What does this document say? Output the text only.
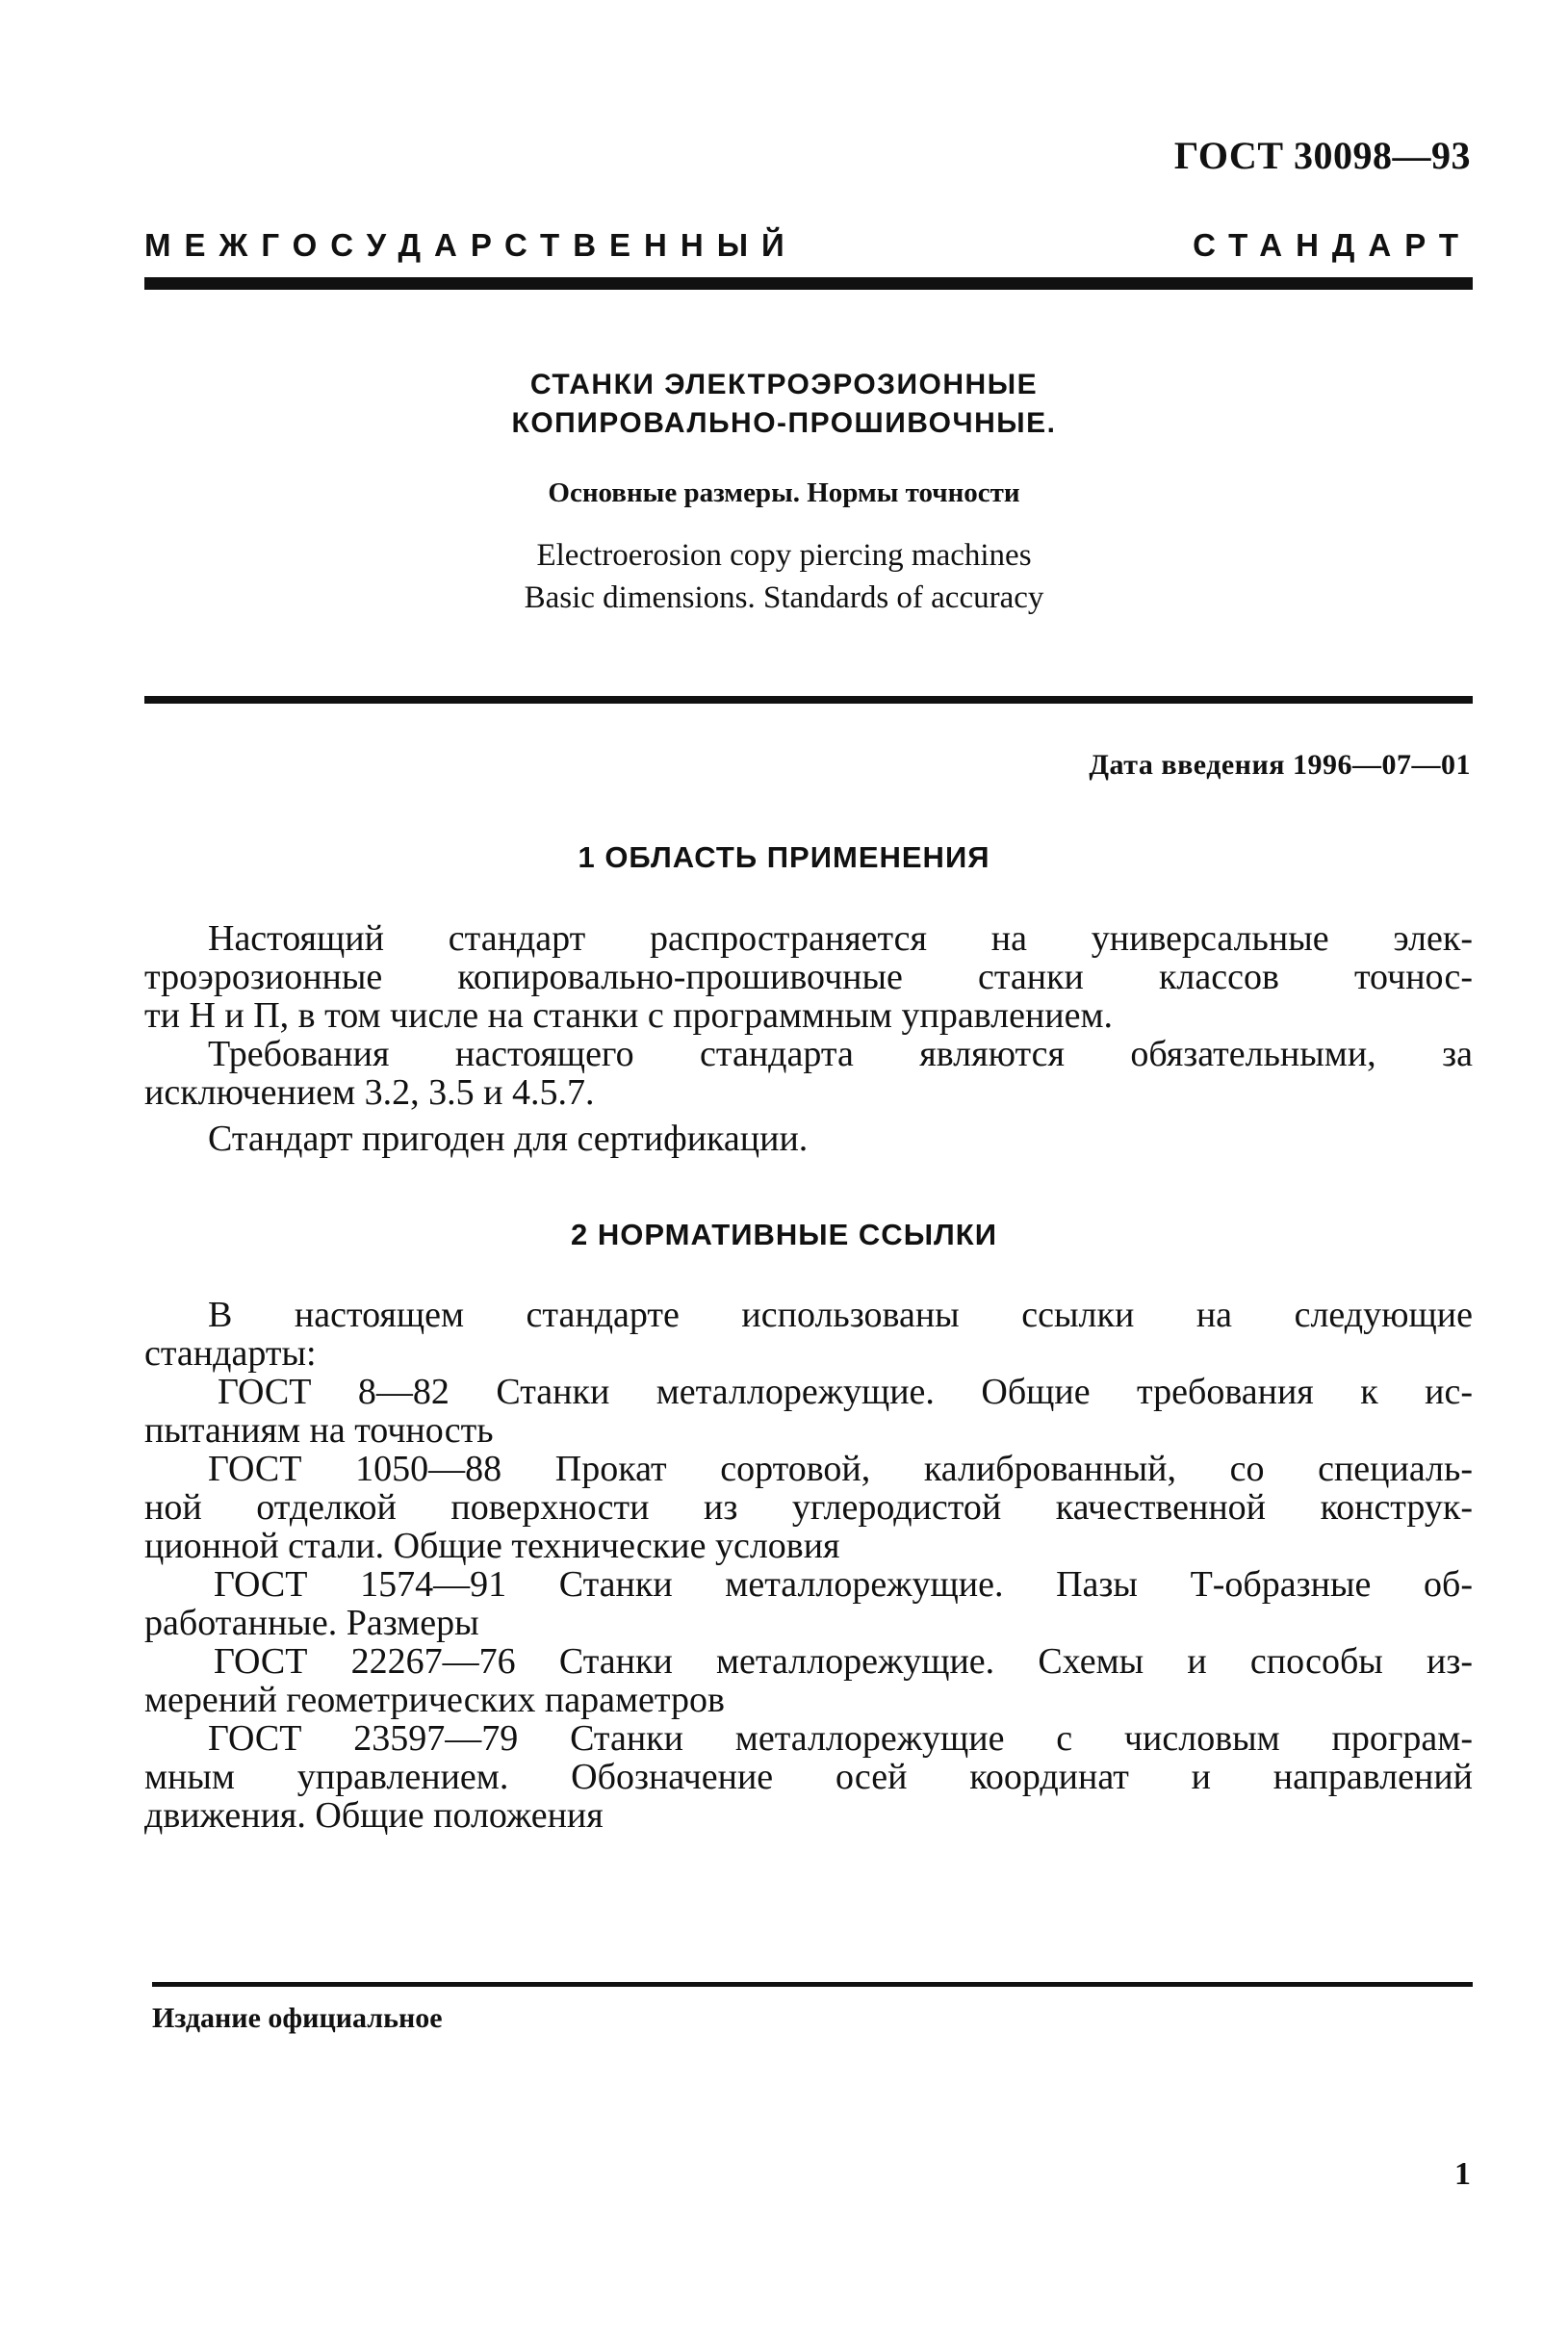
ГОСТ 30098—93
МЕЖГОСУДАРСТВЕННЫЙ	СТАНДАРТ
СТАНКИ ЭЛЕКТРОЭРОЗИОННЫЕ
КОПИРОВАЛЬНО-ПРОШИВОЧНЫЕ.
Основные размеры. Нормы точности
Electroerosion copy piercing machines
Basic dimensions. Standards of accuracy
Дата введения 1996—07—01
1 ОБЛАСТЬ ПРИМЕНЕНИЯ
Настоящий стандарт распространяется на универсальные элек-
троэрозионные копировально-прошивочные станки классов точнос-
ти Н и П, в том числе на станки с программным управлением.
Требования настоящего стандарта являются обязательными, за
исключением 3.2, 3.5 и 4.5.7.
Стандарт пригоден для сертификации.
2 НОРМАТИВНЫЕ ССЫЛКИ
В настоящем стандарте использованы ссылки на следующие
стандарты:
ГОСТ 8—82 Станки металлорежущие. Общие требования к ис-
пытаниям на точность
ГОСТ 1050—88 Прокат сортовой, калиброванный, со специаль-
ной отделкой поверхности из углеродистой качественной конструк-
ционной стали. Общие технические условия
ГОСТ 1574—91 Станки металлорежущие. Пазы Т-образные об-
работанные. Размеры
ГОСТ 22267—76 Станки металлорежущие. Схемы и способы из-
мерений геометрических параметров
ГОСТ 23597—79 Станки металлорежущие с числовым програм-
мным управлением. Обозначение осей координат и направлений
движения. Общие положения
Издание официальное
1
